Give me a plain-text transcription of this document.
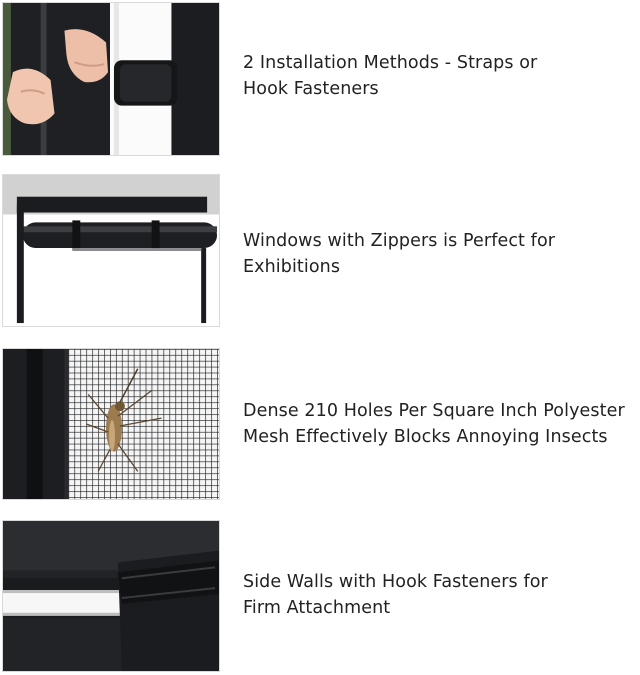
2 Installation Methods - Straps or
Hook Fasteners
Windows with Zippers is Perfect for
Exhibitions
Dense 210 Holes Per Square Inch Polyester
Mesh Effectively Blocks Annoying Insects
Side Walls with Hook Fasteners for
Firm Attachment
